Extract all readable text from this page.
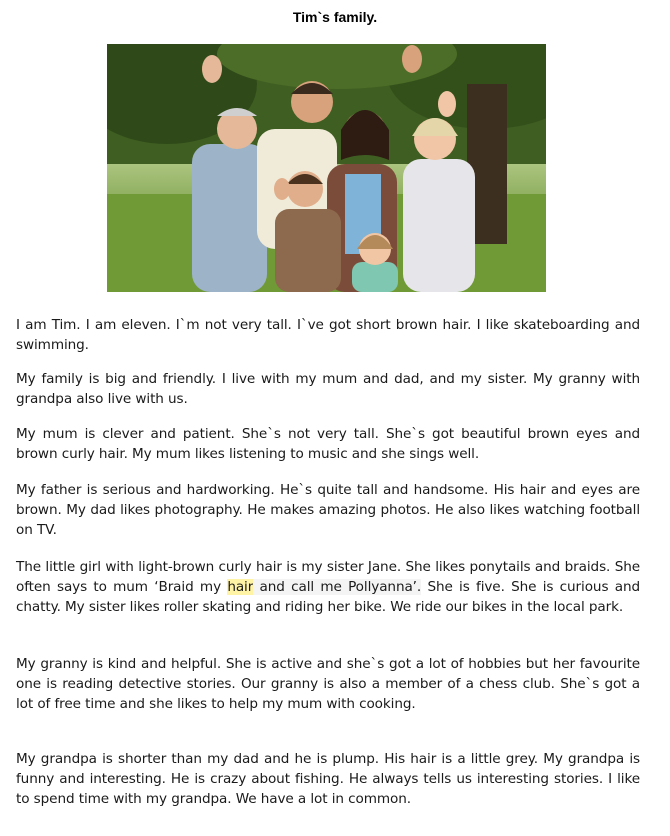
Tim`s family.

I am Tim. I am eleven. I`m not very tall. I`ve got short brown hair. I like skateboarding and swimming.

My family is big and friendly. I live with my mum and dad, and my sister. My granny with grandpa also live with us.

My mum is clever and patient. She`s not very tall. She`s got beautiful brown eyes and brown curly hair. My mum likes listening to music and she sings well.

My father is serious and hardworking. He`s quite tall and handsome. His hair and eyes are brown. My dad likes photography. He makes amazing photos. He also likes watching football on TV.

The little girl with light-brown curly hair is my sister Jane. She likes ponytails and braids. She often says to mum ‘Braid my hair and call me Pollyanna’. She is five. She is curious and chatty. My sister likes roller skating and riding her bike. We ride our bikes in the local park.

My granny is kind and helpful. She is active and she`s got a lot of hobbies but her favourite one is reading detective stories. Our granny is also a member of a chess club. She`s got a lot of free time and she likes to help my mum with cooking.

My grandpa is shorter than my dad and he is plump. His hair is a little grey. My grandpa is funny and interesting. He is crazy about fishing. He always tells us interesting stories. I like to spend time with my grandpa. We have a lot in common.
